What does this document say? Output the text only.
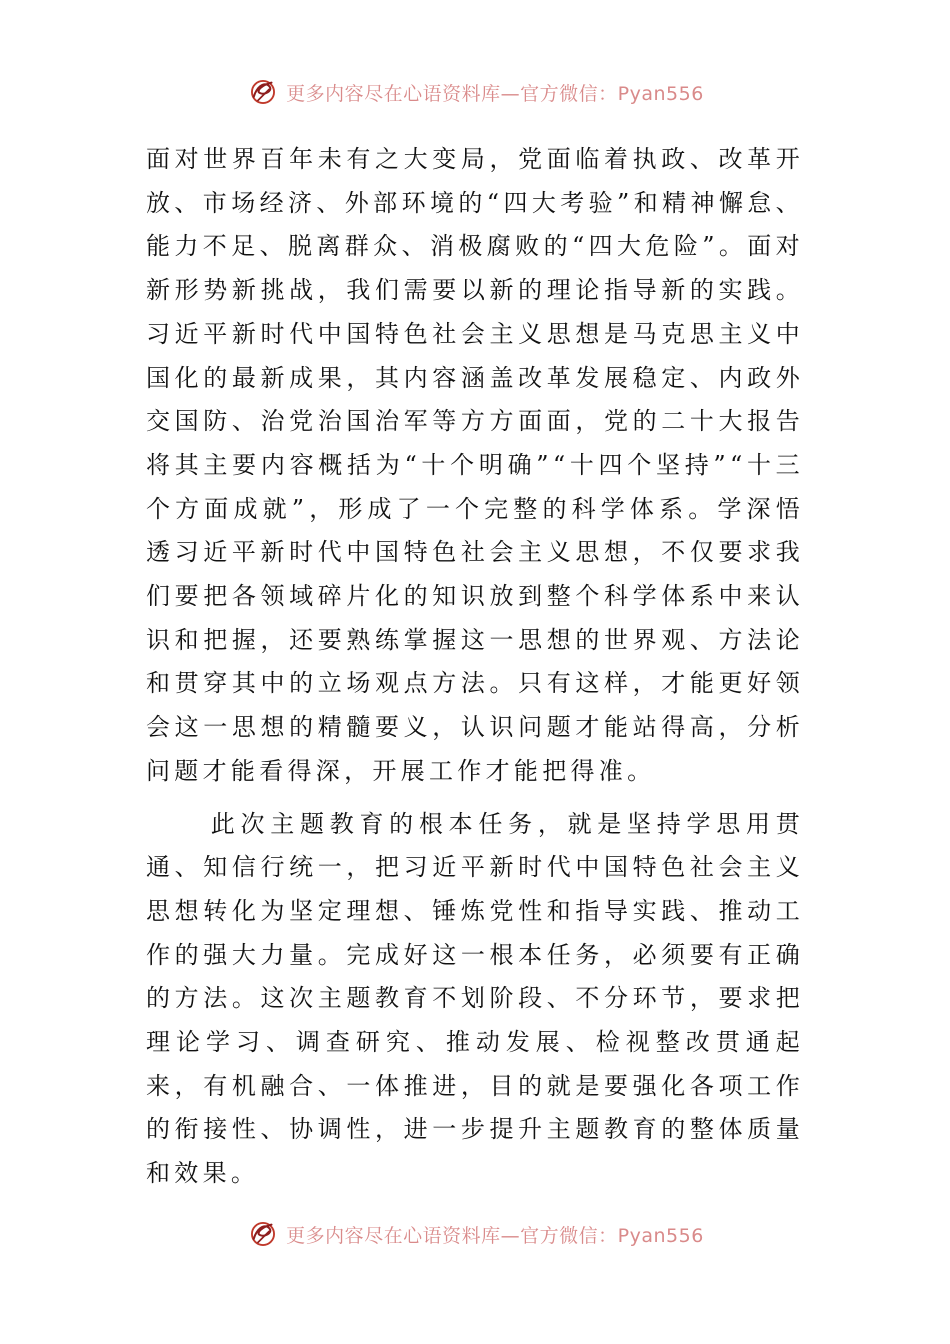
更多内容尽在心语资料库—官方微信：Pyan556

面对世界百年未有之大变局，党面临着执政、改革开放、市场经济、外部环境的“四大考验”和精神懈怠、能力不足、脱离群众、消极腐败的“四大危险”。面对新形势新挑战，我们需要以新的理论指导新的实践。习近平新时代中国特色社会主义思想是马克思主义中国化的最新成果，其内容涵盖改革发展稳定、内政外交国防、治党治国治军等方方面面，党的二十大报告将其主要内容概括为“十个明确”“十四个坚持”“十三个方面成就”，形成了一个完整的科学体系。学深悟透习近平新时代中国特色社会主义思想，不仅要求我们要把各领域碎片化的知识放到整个科学体系中来认识和把握，还要熟练掌握这一思想的世界观、方法论和贯穿其中的立场观点方法。只有这样，才能更好领会这一思想的精髓要义，认识问题才能站得高，分析问题才能看得深，开展工作才能把得准。

此次主题教育的根本任务，就是坚持学思用贯通、知信行统一，把习近平新时代中国特色社会主义思想转化为坚定理想、锤炼党性和指导实践、推动工作的强大力量。完成好这一根本任务，必须要有正确的方法。这次主题教育不划阶段、不分环节，要求把理论学习、调查研究、推动发展、检视整改贯通起来，有机融合、一体推进，目的就是要强化各项工作的衔接性、协调性，进一步提升主题教育的整体质量和效果。

更多内容尽在心语资料库—官方微信：Pyan556
